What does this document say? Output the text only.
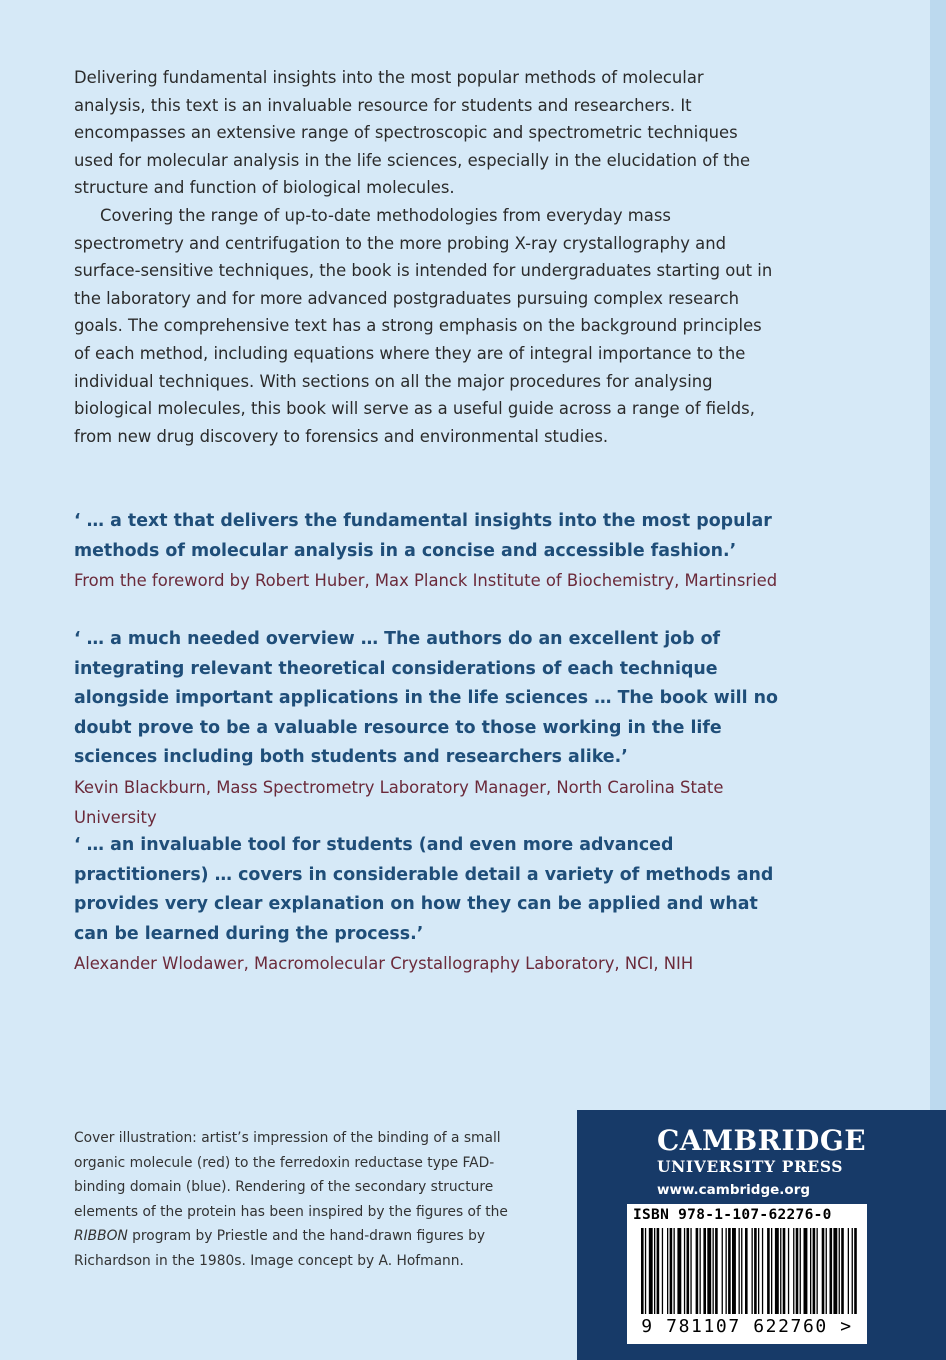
Delivering fundamental insights into the most popular methods of molecular analysis, this text is an invaluable resource for students and researchers. It encompasses an extensive range of spectroscopic and spectrometric techniques used for molecular analysis in the life sciences, especially in the elucidation of the structure and function of biological molecules.

Covering the range of up-to-date methodologies from everyday mass spectrometry and centrifugation to the more probing X-ray crystallography and surface-sensitive techniques, the book is intended for undergraduates starting out in the laboratory and for more advanced postgraduates pursuing complex research goals. The comprehensive text has a strong emphasis on the background principles of each method, including equations where they are of integral importance to the individual techniques. With sections on all the major procedures for analysing biological molecules, this book will serve as a useful guide across a range of fields, from new drug discovery to forensics and environmental studies.

‘ … a text that delivers the fundamental insights into the most popular methods of molecular analysis in a concise and accessible fashion.’
From the foreword by Robert Huber, Max Planck Institute of Biochemistry, Martinsried
‘ … a much needed overview … The authors do an excellent job of integrating relevant theoretical considerations of each technique alongside important applications in the life sciences … The book will no doubt prove to be a valuable resource to those working in the life sciences including both students and researchers alike.’
Kevin Blackburn, Mass Spectrometry Laboratory Manager, North Carolina State University
‘ … an invaluable tool for students (and even more advanced practitioners) … covers in considerable detail a variety of methods and provides very clear explanation on how they can be applied and what can be learned during the process.’
Alexander Wlodawer, Macromolecular Crystallography Laboratory, NCI, NIH
Cover illustration: artist’s impression of the binding of a small organic molecule (red) to the ferredoxin reductase type FAD-binding domain (blue). Rendering of the secondary structure elements of the protein has been inspired by the figures of the RIBBON program by Priestle and the hand-drawn figures by Richardson in the 1980s. Image concept by A. Hofmann.
CAMBRIDGE
UNIVERSITY PRESS
www.cambridge.org
ISBN 978-1-107-62276-0
9 781107 622760 >
